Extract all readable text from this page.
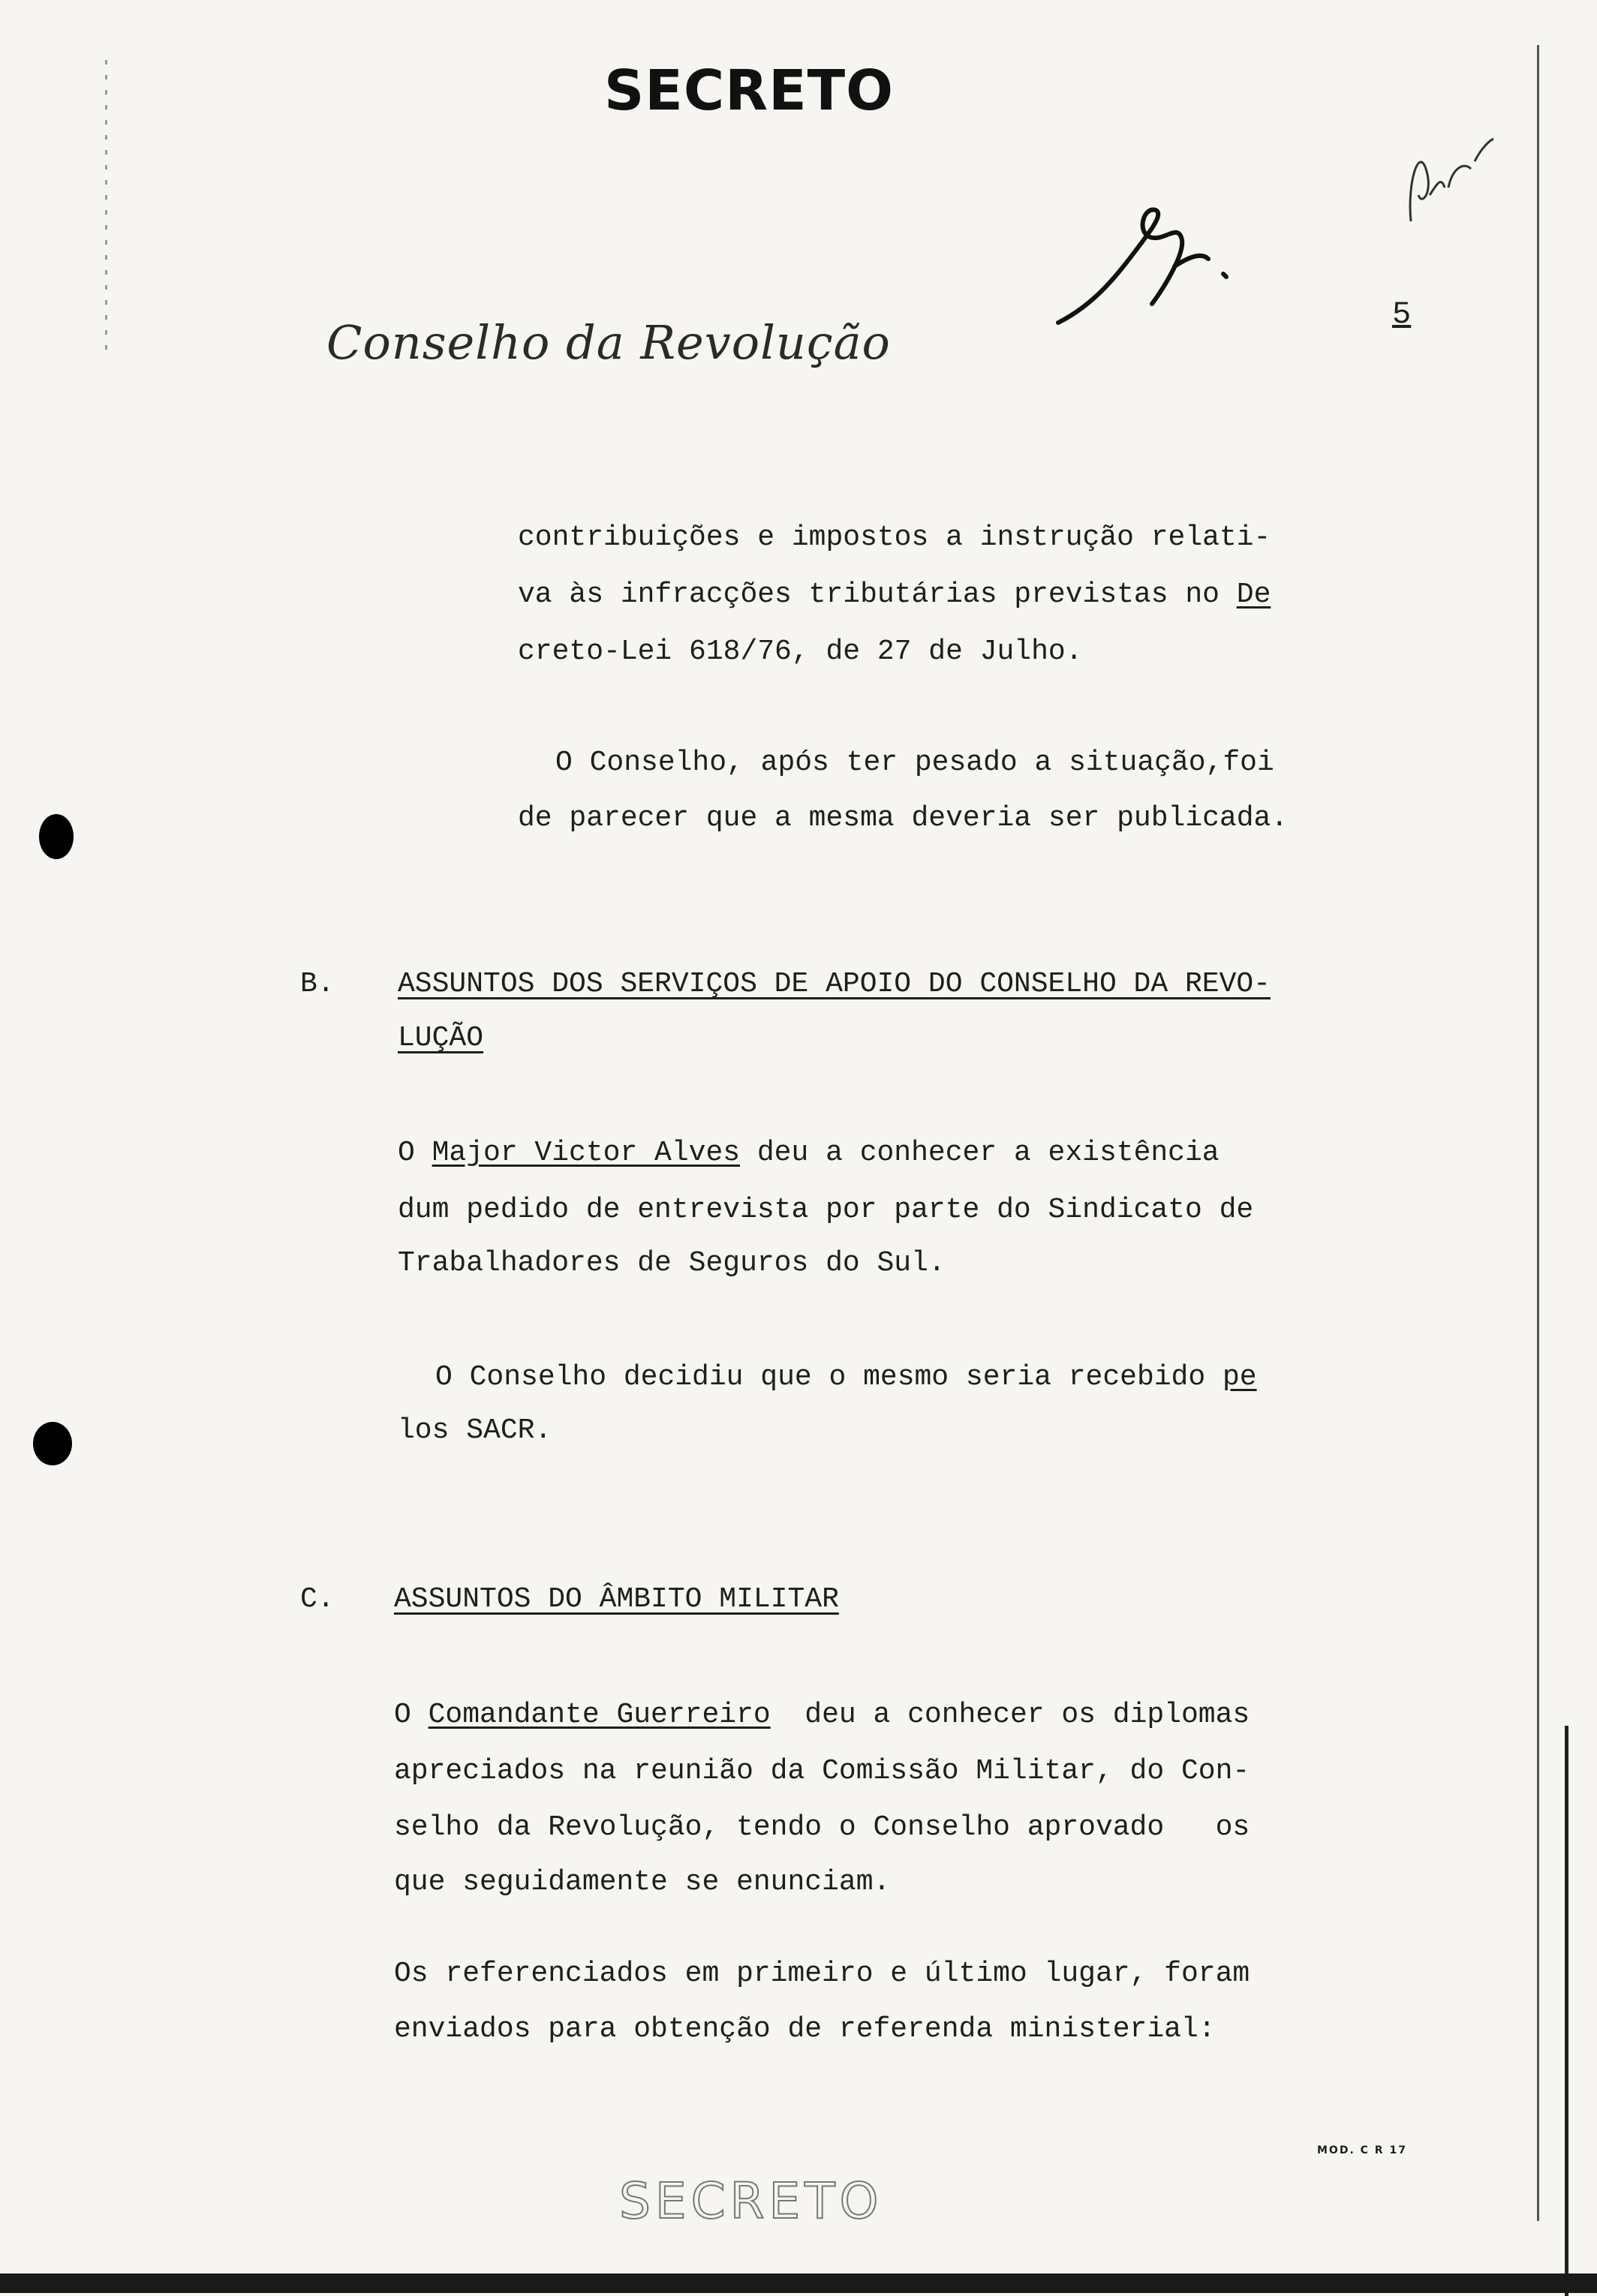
SECRETO
5
Conselho da Revolução
contribuições e impostos a instrução relati-
va às infracções tributárias previstas no De
creto-Lei 618/76, de 27 de Julho.
O Conselho, após ter pesado a situação,foi
de parecer que a mesma deveria ser publicada.
B. ASSUNTOS DOS SERVIÇOS DE APOIO DO CONSELHO DA REVO-
LUÇÃO
O Major Victor Alves deu a conhecer a existência
dum pedido de entrevista por parte do Sindicato de
Trabalhadores de Seguros do Sul.
O Conselho decidiu que o mesmo seria recebido pe
los SACR.
C. ASSUNTOS DO ÂMBITO MILITAR
O Comandante Guerreiro  deu a conhecer os diplomas
apreciados na reunião da Comissão Militar, do Con-
selho da Revolução, tendo o Conselho aprovado   os
que seguidamente se enunciam.
Os referenciados em primeiro e último lugar, foram
enviados para obtenção de referenda ministerial:
MOD. C R 17
SECRETO
